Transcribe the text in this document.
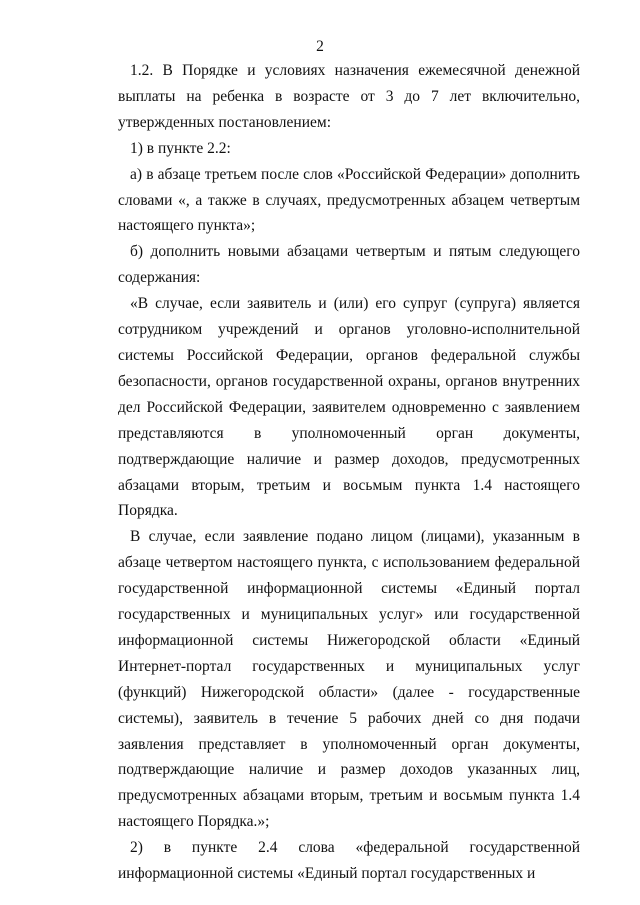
2

1.2. В Порядке и условиях назначения ежемесячной денежной выплаты на ребенка в возрасте от 3 до 7 лет включительно, утвержденных постановлением:

1) в пункте 2.2:

а) в абзаце третьем после слов «Российской Федерации» дополнить словами «, а также в случаях, предусмотренных абзацем четвертым настоящего пункта»;

б) дополнить новыми абзацами четвертым и пятым следующего содержания:

«В случае, если заявитель и (или) его супруг (супруга) является сотрудником учреждений и органов уголовно-исполнительной системы Российской Федерации, органов федеральной службы безопасности, органов государственной охраны, органов внутренних дел Российской Федерации, заявителем одновременно с заявлением представляются в уполномоченный орган документы, подтверждающие наличие и размер доходов, предусмотренных абзацами вторым, третьим и восьмым пункта 1.4 настоящего Порядка.

В случае, если заявление подано лицом (лицами), указанным в абзаце четвертом настоящего пункта, с использованием федеральной государственной информационной системы «Единый портал государственных и муниципальных услуг» или государственной информационной системы Нижегородской области «Единый Интернет-портал государственных и муниципальных услуг (функций) Нижегородской области» (далее - государственные системы), заявитель в течение 5 рабочих дней со дня подачи заявления представляет в уполномоченный орган документы, подтверждающие наличие и размер доходов указанных лиц, предусмотренных абзацами вторым, третьим и восьмым пункта 1.4 настоящего Порядка.»;

2) в пункте 2.4 слова «федеральной государственной информационной системы «Единый портал государственных и
